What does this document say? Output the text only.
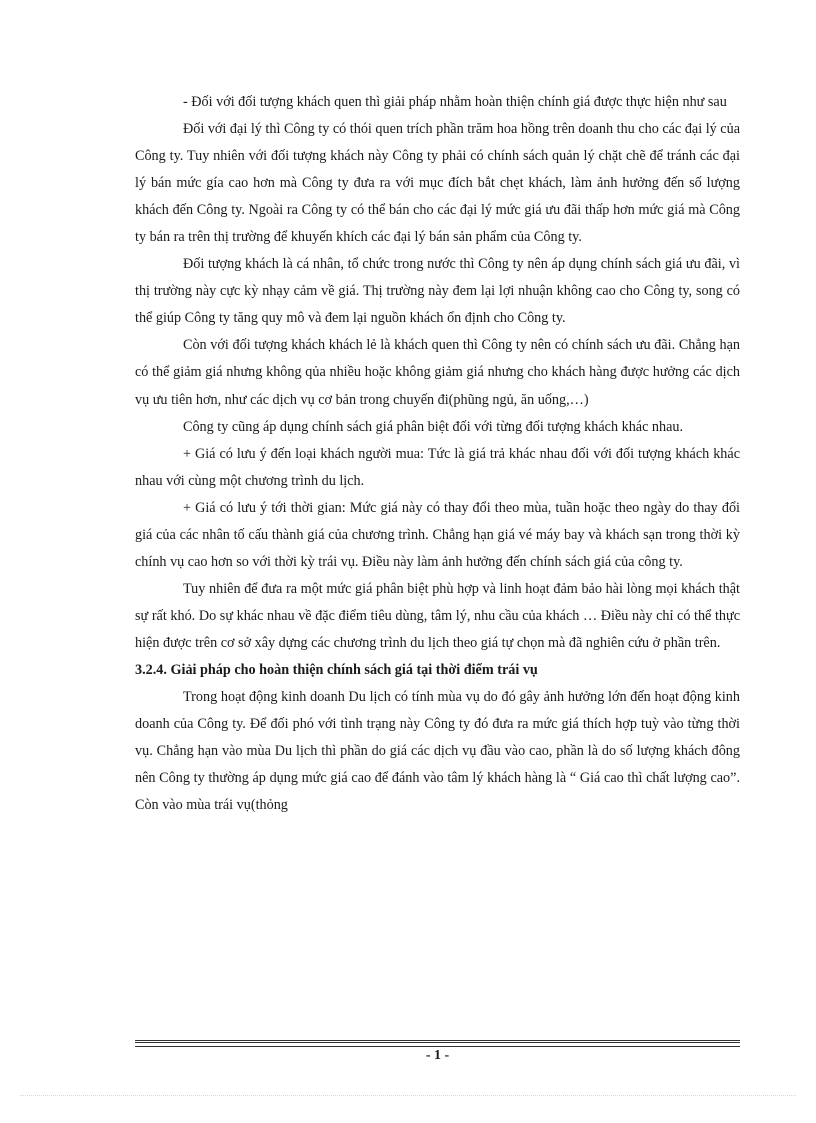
- Đối với đối tượng khách quen thì giải pháp nhằm hoàn thiện chính giá được thực hiện như sau

Đối với đại lý thì Công ty có thói quen trích phần trăm hoa hồng trên doanh thu cho các đại lý của Công ty. Tuy nhiên với đối tượng khách này Công ty phải có chính sách quản lý chặt chẽ để tránh các đại lý bán mức gía cao hơn mà Công ty đưa ra với mục đích bắt chẹt khách, làm ảnh hưởng đến số lượng khách đến Công ty. Ngoài ra Công ty có thể bán cho các đại lý mức giá ưu đãi thấp hơn mức giá mà Công ty bán ra trên thị trường để khuyến khích các đại lý bán sản phẩm của Công ty.

Đối tượng khách là cá nhân, tổ chức trong nước thì Công ty nên áp dụng chính sách giá ưu đãi, vì thị trường này cực kỳ nhạy cảm về giá. Thị trường này đem lại lợi nhuận không cao cho Công ty, song có thể giúp Công ty tăng quy mô và đem lại nguồn khách ổn định cho Công ty.

Còn với đối tượng khách khách lẻ là khách quen thì Công ty nên có chính sách ưu đãi. Chẳng hạn có thể giảm giá nhưng không qủa nhiều hoặc không giảm giá nhưng cho khách hàng được hưởng các dịch vụ ưu tiên hơn, như các dịch vụ cơ bản trong chuyến đi(phũng ngủ, ăn uống,…)

Công ty cũng áp dụng chính sách giá phân biệt đối với từng đối tượng khách khác nhau.

+ Giá có lưu ý đến loại khách người mua: Tức là giá trả khác nhau đối với đối tượng khách khác nhau với cùng một chương trình du lịch.

+ Giá có lưu ý tới thời gian: Mức giá này có thay đổi theo mùa, tuần hoặc theo ngày do thay đổi giá của các nhân tố cấu thành giá của chương trình. Chẳng hạn giá vé máy bay và khách sạn trong thời kỳ chính vụ cao hơn so với thời kỳ trái vụ. Điều này làm ảnh hưởng đến chính sách giá của công ty.

Tuy nhiên để đưa ra một mức giá phân biệt phù hợp và linh hoạt đảm bảo hài lòng mọi khách thật sự rất khó. Do sự khác nhau về đặc điểm tiêu dùng, tâm lý, nhu cầu của khách … Điều này chỉ có thể thực hiện được trên cơ sở xây dựng các chương trình du lịch theo giá tự chọn mà đã nghiên cứu ở phần trên.

3.2.4. Giải pháp cho hoàn thiện chính sách giá tại thời điểm trái vụ

Trong hoạt động kinh doanh Du lịch có tính mùa vụ do đó gây ảnh hưởng lớn đến hoạt động kinh doanh của Công ty. Để đối phó với tình trạng này Công ty đó đưa ra mức giá thích hợp tuỳ vào từng thời vụ. Chẳng hạn vào mùa Du lịch thì phần do giá các dịch vụ đầu vào cao, phần là do số lượng khách đông nên Công ty thường áp dụng mức giá cao để đánh vào tâm lý khách hàng là “ Giá cao thì chất lượng cao”. Còn vào mùa trái vụ(thỏng

- 1 -
